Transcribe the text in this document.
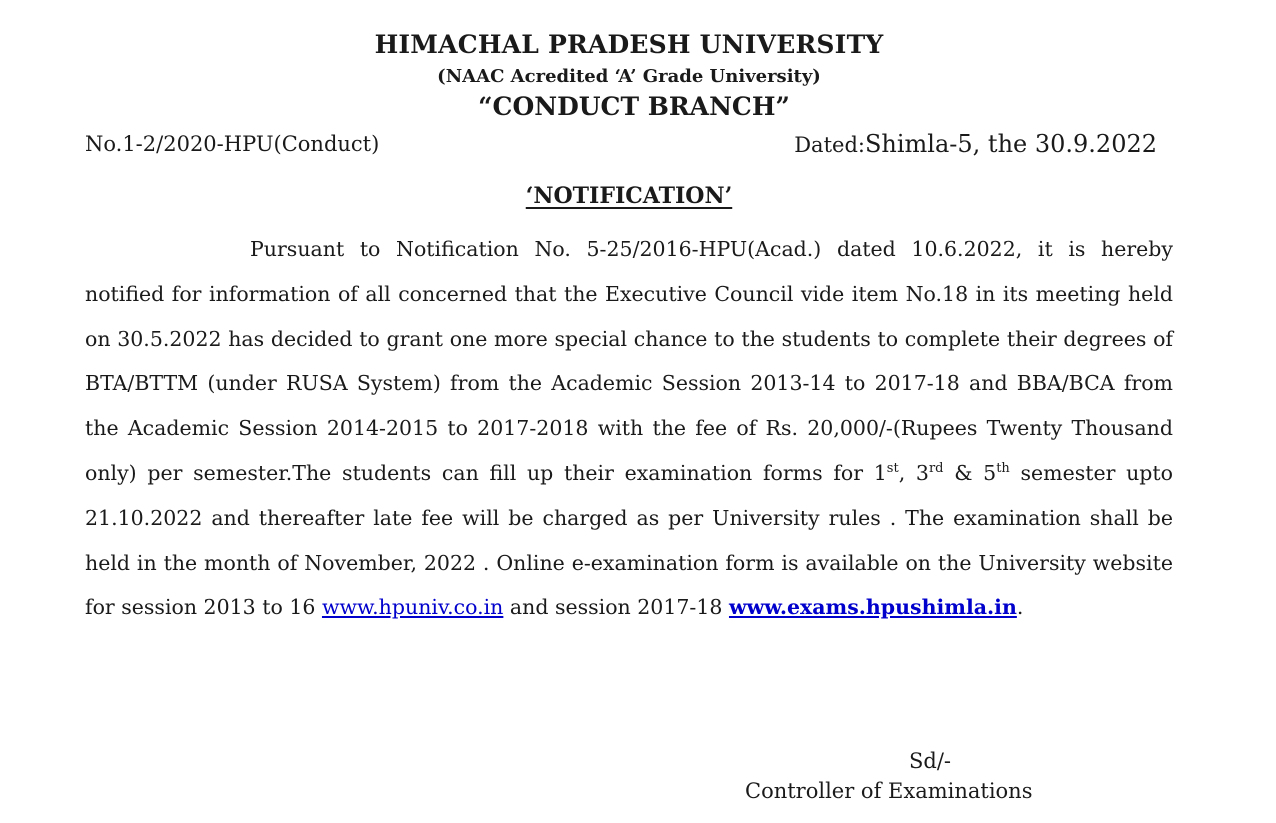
HIMACHAL PRADESH UNIVERSITY
(NAAC Acredited ‘A’ Grade University)
“CONDUCT BRANCH”
No.1-2/2020-HPU(Conduct)	Dated:Shimla-5, the 30.9.2022
‘NOTIFICATION’

Pursuant to Notification No. 5-25/2016-HPU(Acad.) dated 10.6.2022, it is hereby notified for information of all concerned that the Executive Council vide item No.18 in its meeting held on 30.5.2022 has decided to grant one more special chance to the students to complete their degrees of BTA/BTTM (under RUSA System) from the Academic Session 2013-14 to 2017-18 and BBA/BCA from the Academic Session 2014-2015 to 2017-2018 with the fee of Rs. 20,000/-(Rupees Twenty Thousand only) per semester.The students can fill up their examination forms for 1st, 3rd & 5th semester upto 21.10.2022 and thereafter late fee will be charged as per University rules . The examination shall be held in the month of November, 2022 . Online e-examination form is available on the University website for session 2013 to 16 www.hpuniv.co.in and session 2017-18 www.exams.hpushimla.in.

Sd/-
Controller of Examinations
